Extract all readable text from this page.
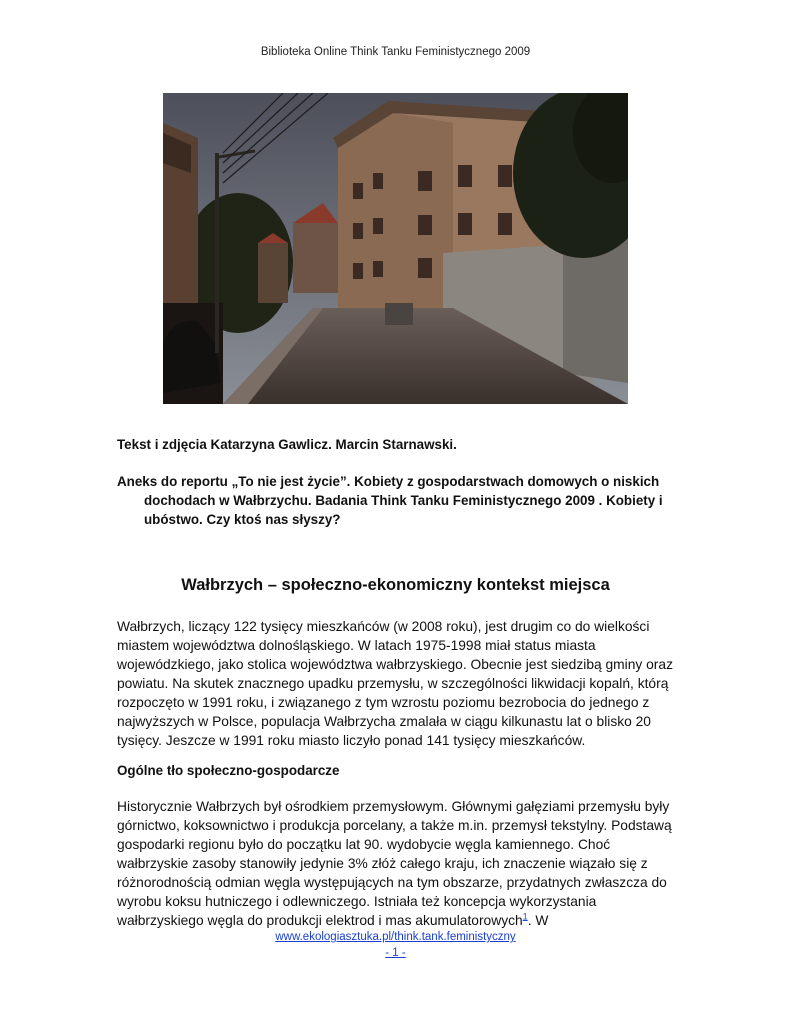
Biblioteka Online Think Tanku Feministycznego 2009
Tekst i zdjęcia Katarzyna Gawlicz. Marcin Starnawski.
Aneks do reportu „To nie jest życie”. Kobiety z gospodarstwach domowych o niskich dochodach w Wałbrzychu. Badania Think Tanku Feministycznego 2009 . Kobiety i ubóstwo. Czy ktoś nas słyszy?
Wałbrzych – społeczno-ekonomiczny kontekst miejsca
Wałbrzych, liczący 122 tysięcy mieszkańców (w 2008 roku), jest drugim co do wielkości miastem województwa dolnośląskiego. W latach 1975-1998 miał status miasta wojewódzkiego, jako stolica województwa wałbrzyskiego. Obecnie jest siedzibą gminy oraz powiatu. Na skutek znacznego upadku przemysłu, w szczególności likwidacji kopalń, którą rozpoczęto w 1991 roku, i związanego z tym wzrostu poziomu bezrobocia do jednego z najwyższych w Polsce, populacja Wałbrzycha zmalała w ciągu kilkunastu lat o blisko 20 tysięcy. Jeszcze w 1991 roku miasto liczyło ponad 141 tysięcy mieszkańców.
Ogólne tło społeczno-gospodarcze
Historycznie Wałbrzych był ośrodkiem przemysłowym. Głównymi gałęziami przemysłu były górnictwo, koksownictwo i produkcja porcelany, a także m.in. przemysł tekstylny. Podstawą gospodarki regionu było do początku lat 90. wydobycie węgla kamiennego. Choć wałbrzyskie zasoby stanowiły jedynie 3% złóż całego kraju, ich znaczenie wiązało się z różnorodnością odmian węgla występujących na tym obszarze, przydatnych zwłaszcza do wyrobu koksu hutniczego i odlewniczego. Istniała też koncepcja wykorzystania wałbrzyskiego węgla do produkcji elektrod i mas akumulatorowych$^1$. W
www.ekologiasztuka.pl/think.tank.feministyczny
- 1 -
